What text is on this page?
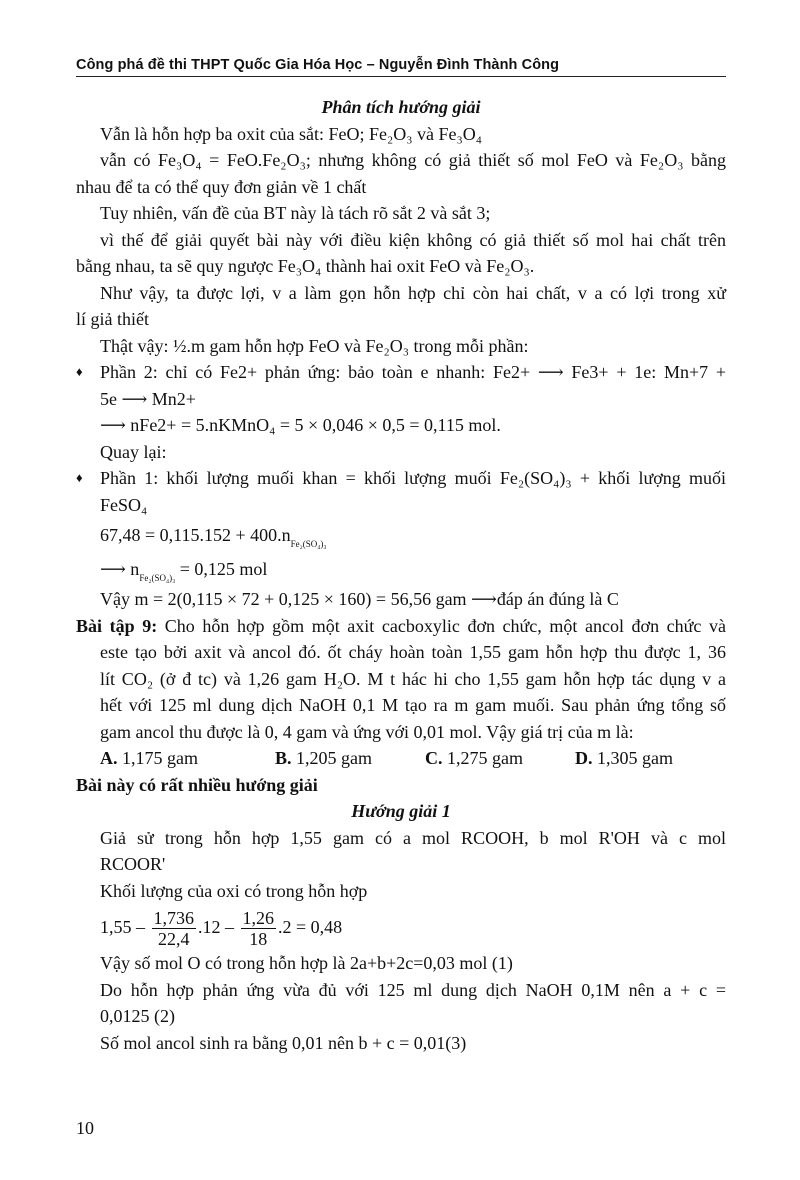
Công phá đề thi THPT Quốc Gia Hóa Học – Nguyễn Đình Thành Công
Phân tích hướng giải
Vẫn là hỗn hợp ba oxit của sắt: FeO; Fe₂O₃ và Fe₃O₄
vẫn có Fe₃O₄ = FeO.Fe₂O₃; nhưng không có giả thiết số mol FeO và Fe₂O₃ bằng
nhau để ta có thể quy đơn giản về 1 chất
Tuy nhiên, vấn đề của BT này là tách rõ sắt 2 và sắt 3;
vì thế để giải quyết bài này với điều kiện không có giả thiết số mol hai chất trên
bằng nhau, ta sẽ quy ngược Fe₃O₄ thành hai oxit FeO và Fe₂O₃.
Như vậy, ta được lợi, v a làm gọn hỗn hợp chỉ còn hai chất, v a có lợi trong xử
lí giả thiết
Thật vậy: ½.m gam hỗn hợp FeO và Fe₂O₃ trong mỗi phần:
♦ Phần 2: chỉ có Fe2+ phản ứng: bảo toàn e nhanh: Fe2+ ⟶ Fe3+ + 1e: Mn+7 +
5e ⟶ Mn2+
⟶ nFe2+ = 5.nKMnO₄ = 5 × 0,046 × 0,5 = 0,115 mol.
Quay lại:
♦ Phần 1: khối lượng muối khan = khối lượng muối Fe₂(SO₄)₃ + khối lượng muối
FeSO₄
$67,48 = 0,115.152 + 400.n_{Fe_2(SO_4)_3}$
⟶ $n_{Fe_2(SO_4)_3} = 0,125$ mol
Vậy m = 2(0,115 × 72 + 0,125 × 160) = 56,56 gam ⟶đáp án đúng là C
Bài tập 9: Cho hỗn hợp gồm một axit cacboxylic đơn chức, một ancol đơn chức và
este tạo bởi axit và ancol đó. ốt cháy hoàn toàn 1,55 gam hỗn hợp thu được 1, 36
lít CO₂ (ở đ tc) và 1,26 gam H₂O. M t hác hi cho 1,55 gam hỗn hợp tác dụng v a
hết với 125 ml dung dịch NaOH 0,1 M tạo ra m gam muối. Sau phản ứng tổng số
gam ancol thu được là 0, 4 gam và ứng với 0,01 mol. Vậy giá trị của m là:
A. 1,175 gam	B. 1,205 gam	C. 1,275 gam	D. 1,305 gam
Bài này có rất nhiều hướng giải
Hướng giải 1
Giả sử trong hỗn hợp 1,55 gam có a mol RCOOH, b mol R'OH và c mol
RCOOR'
Khối lượng của oxi có trong hỗn hợp
$1,55 - \frac{1,736}{22,4} .12 - \frac{1,26}{18} .2 = 0,48$
Vậy số mol O có trong hỗn hợp là 2a+b+2c=0,03 mol (1)
Do hỗn hợp phản ứng vừa đủ với 125 ml dung dịch NaOH 0,1M nên a + c =
0,0125 (2)
Số mol ancol sinh ra bằng 0,01 nên b + c = 0,01(3)
10
